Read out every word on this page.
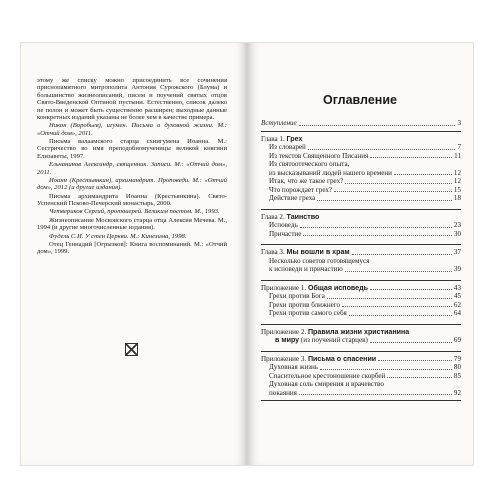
этому же списку можно присоединить все сочинения приснопамятного митрополита Антония Сурожского (Блума) и большинство жизнеописаний, писем и поучений святых отцов Свято-Введенской Оптиной пустыни. Естественно, список далеко не полон и может быть существенно расширен; выходные данные конкретных изданий указаны не более чем в качестве примера.

Никон (Воробьев), игумен. Письма о духовной жизни. М.: «Отчий дом», 2011.

Письма валаамского старца схиигумена Иоанна. М.: Сестричество во имя преподобномученицы великой княгини Елизаветы, 1997.

Ельчанинов Александр, священник. Записи. М.: «Отчий дом», 2011.

Иоанн (Крестьянкин), архимандрит. Проповеди. М.: «Отчий дом», 2012 (и другие издания).

Письма архимандрита Иоанна (Крестьянкина). Свято-Успенский Псково-Печерский монастырь, 2000.

Четвериков Сергий, протоиерей. Великим постом. М., 1993.

Жизнеописание Московского старца отца Алексия Мечева. М., 1994 (и другие многочисленные издания).

Фудель С.И. У стен Церкви. М.: Кинезима, 1998.

Отец Геннадий [Огрызков]: Книга воспоминаний. М.: «Отчий дом», 1999.

Оглавление
Вступление	3
Глава 1.
Грех
Из словарей	7
Из текстов Священного Писания	11
Из святоотеческого опыта,
из высказываний людей нашего времени	12
Итак, что же такое грех?	12
Что порождает грех?	15
Действие греха	18
Глава 2.
Таинство
Исповедь	23
Причастие	30
Глава 3. Мы вошли в храм	37
Несколько советов готовящемуся
к исповеди и причастию	39
Приложение 1. Общая исповедь	43
Грехи против Бога	45
Грехи против ближнего	62
Грехи против самого себя	64
Приложение 2.
Правила жизни христианина
в миру (из поучений старцев)	69
Приложение 3. Письма о спасении	79
Духовная жизнь	80
Спасительное крестоношение скорбей	85
Духовная соль смирения и врачевство
покаяния	92
